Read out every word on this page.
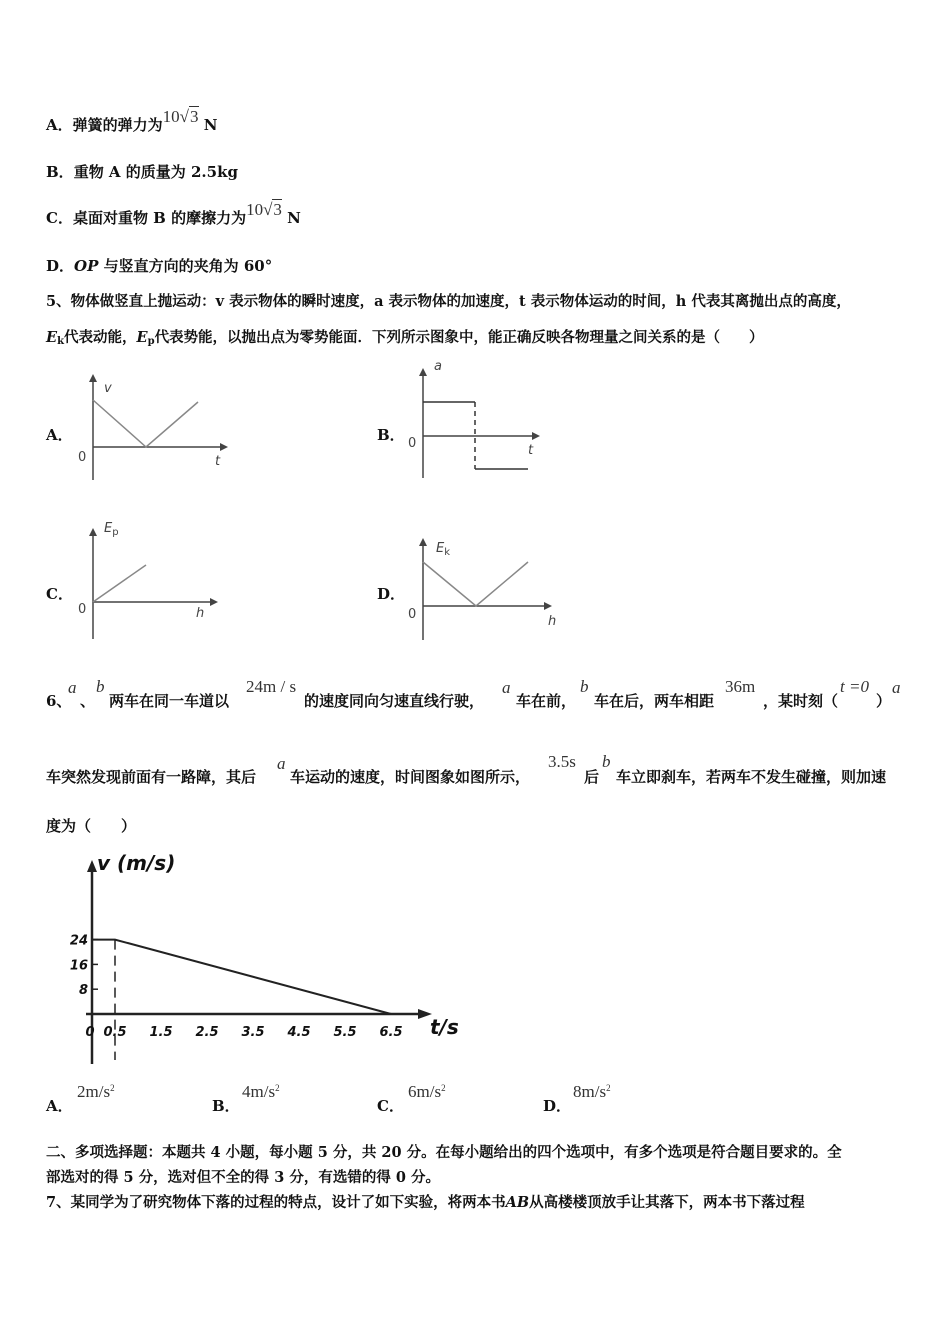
A．弹簧的弹力为10√3 N
B．重物 A 的质量为 2.5kg
C．桌面对重物 B 的摩擦力为10√3 N
D．OP 与竖直方向的夹角为 60°
5、物体做竖直上抛运动：v 表示物体的瞬时速度，a 表示物体的加速度，t 表示物体运动的时间，h 代表其离抛出点的高度，
$E_k$代表动能，$E_p$代表势能，以抛出点为零势能面．下列所示图象中，能正确反映各物理量之间关系的是（　　）
A．
v
0	t
B．
a
0	t
C．
$E_p$
0	h
D．
$E_k$
0	h
6、
a
、
b
两车在同一车道以
24m / s
的速度同向匀速直线行驶，
a
车在前，
b
车在后，两车相距
36m
，某时刻（
t =0
）
a
车突然发现前面有一路障，其后
a
车运动的速度，时间图象如图所示，
3.5s
后
b
车立即刹车，若两车不发生碰撞，则加速
度为（　　）
8
16
24
0 0.5 1.5 2.5 3.5 4.5 5.5 6.5
v (m/s)
t/s
A．
$2m/s^2$
B．
$4m/s^2$
C．
$6m/s^2$
D．
$8m/s^2$
二、多项选择题：本题共 4 小题，每小题 5 分，共 20 分。在每小题给出的四个选项中，有多个选项是符合题目要求的。全
部选对的得 5 分，选对但不全的得 3 分，有选错的得 0 分。
7、某同学为了研究物体下落的过程的特点，设计了如下实验，将两本书AB从高楼楼顶放手让其落下，两本书下落过程
